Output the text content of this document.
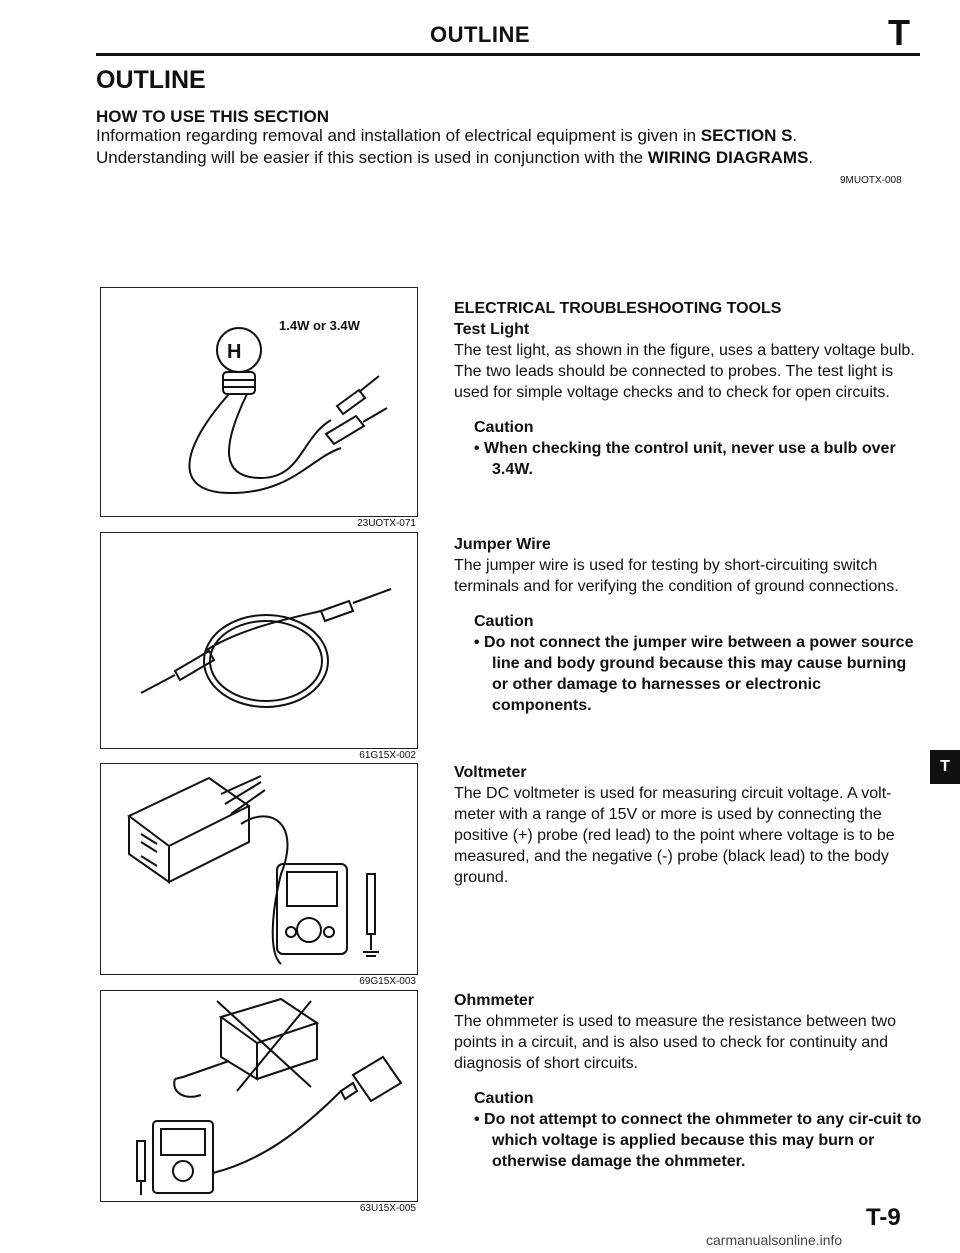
OUTLINE	T
OUTLINE
HOW TO USE THIS SECTION
Information regarding removal and installation of electrical equipment is given in SECTION S.
Understanding will be easier if this section is used in conjunction with the WIRING DIAGRAMS.
9MUOTX-008
H
1.4W or 3.4W
23UOTX-071
61G15X-002
69G15X-003
63U15X-005
ELECTRICAL TROUBLESHOOTING TOOLS
Test Light
The test light, as shown in the figure, uses a battery voltage bulb. The two leads should be connected to probes. The test light is used for simple voltage checks and to check for open circuits.
Caution
• When checking the control unit, never use a bulb over 3.4W.
Jumper Wire
The jumper wire is used for testing by short-circuiting switch terminals and for verifying the condition of ground connections.
Caution
• Do not connect the jumper wire between a power source line and body ground because this may cause burning or other damage to harnesses or electronic components.
Voltmeter
The DC voltmeter is used for measuring circuit voltage. A volt-meter with a range of 15V or more is used by connecting the positive (+) probe (red lead) to the point where voltage is to be measured, and the negative (-) probe (black lead) to the body ground.
Ohmmeter
The ohmmeter is used to measure the resistance between two points in a circuit, and is also used to check for continuity and diagnosis of short circuits.
Caution
• Do not attempt to connect the ohmmeter to any cir-cuit to which voltage is applied because this may burn or otherwise damage the ohmmeter.
T
T-9
carmanualsonline.info
